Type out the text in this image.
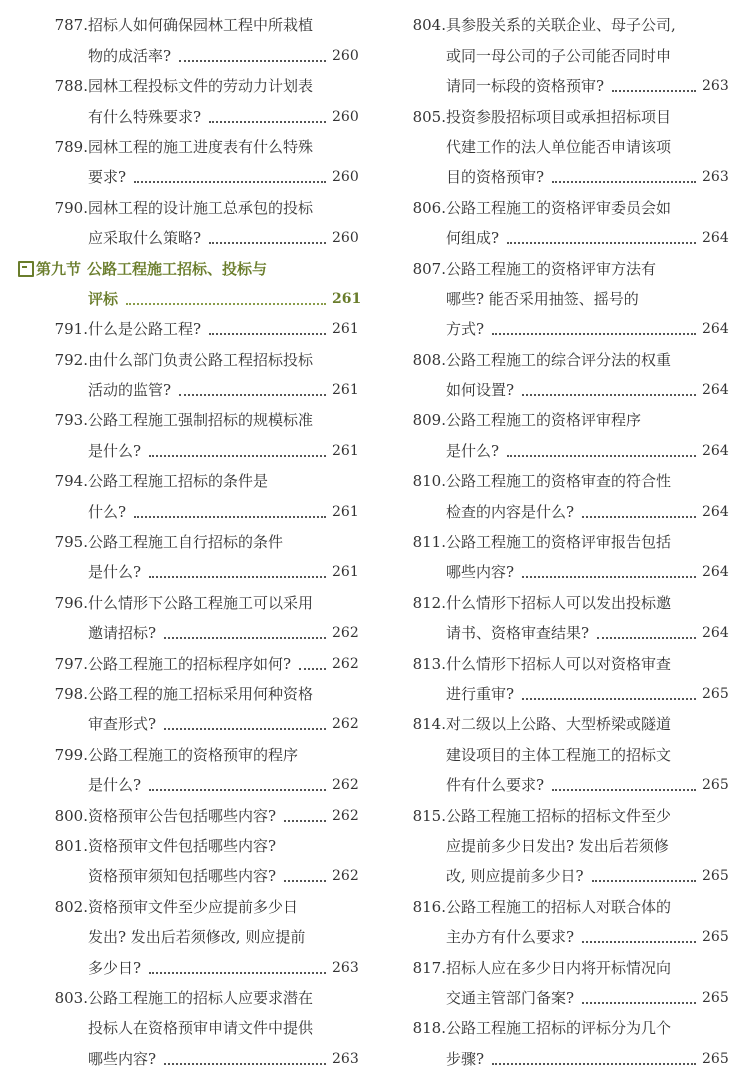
787. 招标人如何确保园林工程中所栽植
物的成活率?	260
788. 园林工程投标文件的劳动力计划表
有什么特殊要求?	260
789. 园林工程的施工进度表有什么特殊
要求?	260
790. 园林工程的设计施工总承包的投标
应采取什么策略?	260
第九节 公路工程施工招标、投标与
评标	261
791. 什么是公路工程?	261
792. 由什么部门负责公路工程招标投标
活动的监管?	261
793. 公路工程施工强制招标的规模标准
是什么?	261
794. 公路工程施工招标的条件是
什么?	261
795. 公路工程施工自行招标的条件
是什么?	261
796. 什么情形下公路工程施工可以采用
邀请招标?	262
797. 公路工程施工的招标程序如何?	262
798. 公路工程的施工招标采用何种资格
审查形式?	262
799. 公路工程施工的资格预审的程序
是什么?	262
800. 资格预审公告包括哪些内容?	262
801. 资格预审文件包括哪些内容?
资格预审须知包括哪些内容?	262
802. 资格预审文件至少应提前多少日
发出? 发出后若须修改, 则应提前
多少日?	263
803. 公路工程施工的招标人应要求潜在
投标人在资格预审申请文件中提供
哪些内容?	263
804. 具参股关系的关联企业、母子公司,
或同一母公司的子公司能否同时申
请同一标段的资格预审?	263
805. 投资参股招标项目或承担招标项目
代建工作的法人单位能否申请该项
目的资格预审?	263
806. 公路工程施工的资格评审委员会如
何组成?	264
807. 公路工程施工的资格评审方法有
哪些? 能否采用抽签、摇号的
方式?	264
808. 公路工程施工的综合评分法的权重
如何设置?	264
809. 公路工程施工的资格评审程序
是什么?	264
810. 公路工程施工的资格审查的符合性
检查的内容是什么?	264
811. 公路工程施工的资格评审报告包括
哪些内容?	264
812. 什么情形下招标人可以发出投标邀
请书、资格审查结果?	264
813. 什么情形下招标人可以对资格审查
进行重审?	265
814. 对二级以上公路、大型桥梁或隧道
建设项目的主体工程施工的招标文
件有什么要求?	265
815. 公路工程施工招标的招标文件至少
应提前多少日发出? 发出后若须修
改, 则应提前多少日?	265
816. 公路工程施工的招标人对联合体的
主办方有什么要求?	265
817. 招标人应在多少日内将开标情况向
交通主管部门备案?	265
818. 公路工程施工招标的评标分为几个
步骤?	265
